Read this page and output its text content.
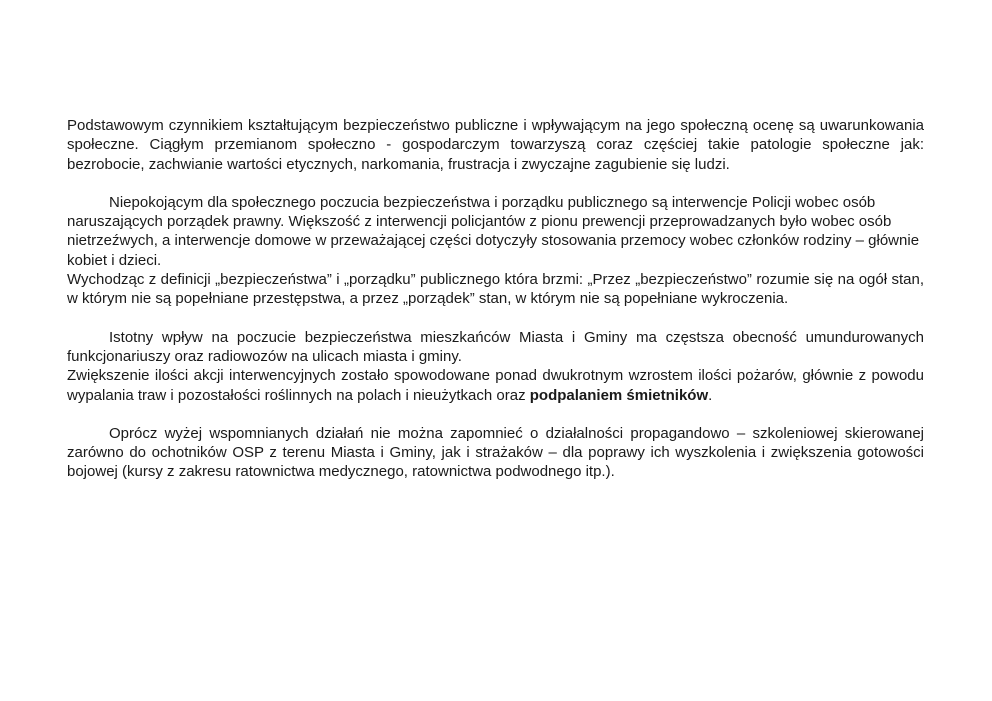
Podstawowym czynnikiem kształtującym bezpieczeństwo publiczne i wpływającym na jego społeczną ocenę są uwarunkowania społeczne. Ciągłym przemianom społeczno - gospodarczym towarzyszą coraz częściej takie patologie społeczne jak: bezrobocie, zachwianie wartości etycznych, narkomania, frustracja i zwyczajne zagubienie się ludzi.

Niepokojącym dla społecznego poczucia bezpieczeństwa i porządku publicznego są interwencje Policji wobec osób naruszających porządek prawny. Większość z interwencji policjantów z pionu prewencji przeprowadzanych było wobec osób nietrzeźwych, a interwencje domowe w przeważającej części dotyczyły stosowania przemocy wobec członków rodziny – głównie kobiet i dzieci.

Wychodząc z definicji „bezpieczeństwa” i „porządku” publicznego która brzmi: „Przez „bezpieczeństwo” rozumie się na ogół stan, w którym nie są popełniane przestępstwa, a przez „porządek” stan, w którym nie są popełniane wykroczenia.

Istotny wpływ na poczucie bezpieczeństwa mieszkańców Miasta i Gminy ma częstsza obecność umundurowanych funkcjonariuszy oraz radiowozów na ulicach miasta i gminy.

Zwiększenie ilości akcji interwencyjnych zostało spowodowane ponad dwukrotnym wzrostem ilości pożarów, głównie z powodu wypalania traw i pozostałości roślinnych na polach i nieużytkach oraz podpalaniem śmietników.

Oprócz wyżej wspomnianych działań nie można zapomnieć o działalności propagandowo – szkoleniowej skierowanej zarówno do ochotników OSP z terenu Miasta i Gminy, jak i strażaków – dla poprawy ich wyszkolenia i zwiększenia gotowości bojowej (kursy z zakresu ratownictwa medycznego, ratownictwa podwodnego itp.).
